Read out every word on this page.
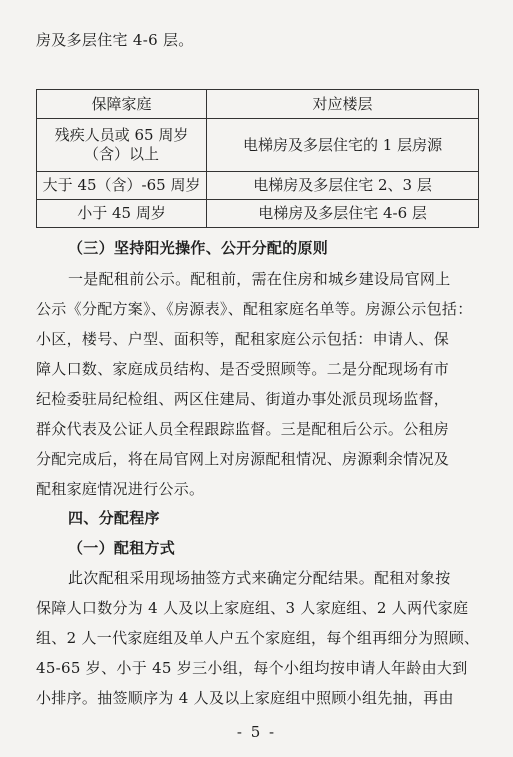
房及多层住宅 4-6 层。
保障家庭	对应楼层

残疾人员或 65 周岁
（含）以上	电梯房及多层住宅的 1 层房源
大于 45（含）-65 周岁	电梯房及多层住宅 2、3 层
小于 45 周岁	电梯房及多层住宅 4-6 层
（三）坚持阳光操作、公开分配的原则
一是配租前公示。配租前，需在住房和城乡建设局官网上
公示《分配方案》、《房源表》、配租家庭名单等。房源公示包括：
小区，楼号、户型、面积等，配租家庭公示包括：申请人、保
障人口数、家庭成员结构、是否受照顾等。二是分配现场有市
纪检委驻局纪检组、两区住建局、街道办事处派员现场监督，
群众代表及公证人员全程跟踪监督。三是配租后公示。公租房
分配完成后，将在局官网上对房源配租情况、房源剩余情况及
配租家庭情况进行公示。
四、分配程序
（一）配租方式
此次配租采用现场抽签方式来确定分配结果。配租对象按
保障人口数分为 4 人及以上家庭组、3 人家庭组、2 人两代家庭
组、2 人一代家庭组及单人户五个家庭组，每个组再细分为照顾、
45-65 岁、小于 45 岁三小组，每个小组均按申请人年龄由大到
小排序。抽签顺序为 4 人及以上家庭组中照顾小组先抽，再由
- 5 -
